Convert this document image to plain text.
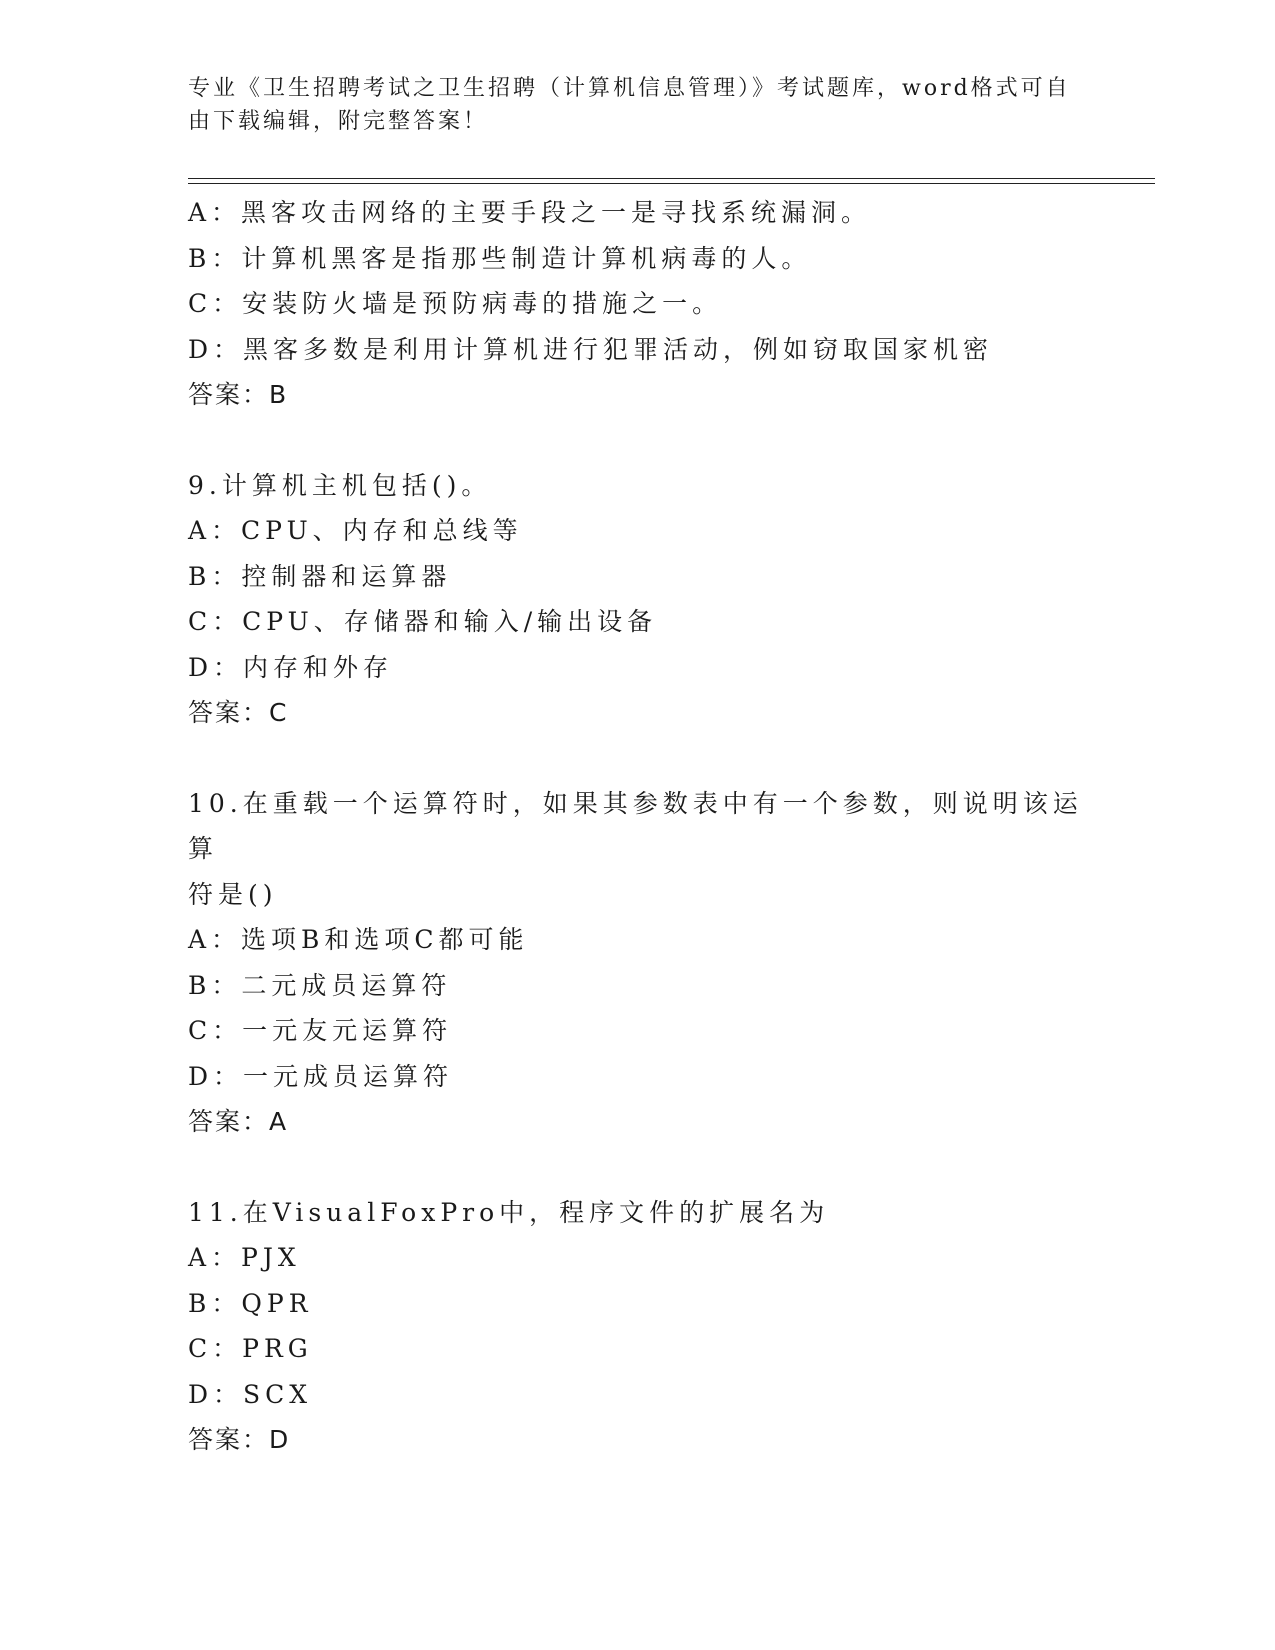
专业《卫生招聘考试之卫生招聘（计算机信息管理）》考试题库，word格式可自
由下载编辑，附完整答案！
A：黑客攻击网络的主要手段之一是寻找系统漏洞。
B：计算机黑客是指那些制造计算机病毒的人。
C：安装防火墙是预防病毒的措施之一。
D：黑客多数是利用计算机进行犯罪活动，例如窃取国家机密
答案：B
9.计算机主机包括()。
A：CPU、内存和总线等
B：控制器和运算器
C：CPU、存储器和输入/输出设备
D：内存和外存
答案：C
10.在重载一个运算符时，如果其参数表中有一个参数，则说明该运算
符是()
A：选项B和选项C都可能
B：二元成员运算符
C：一元友元运算符
D：一元成员运算符
答案：A
11.在VisualFoxPro中，程序文件的扩展名为
A：PJX
B：QPR
C：PRG
D：SCX
答案：D
